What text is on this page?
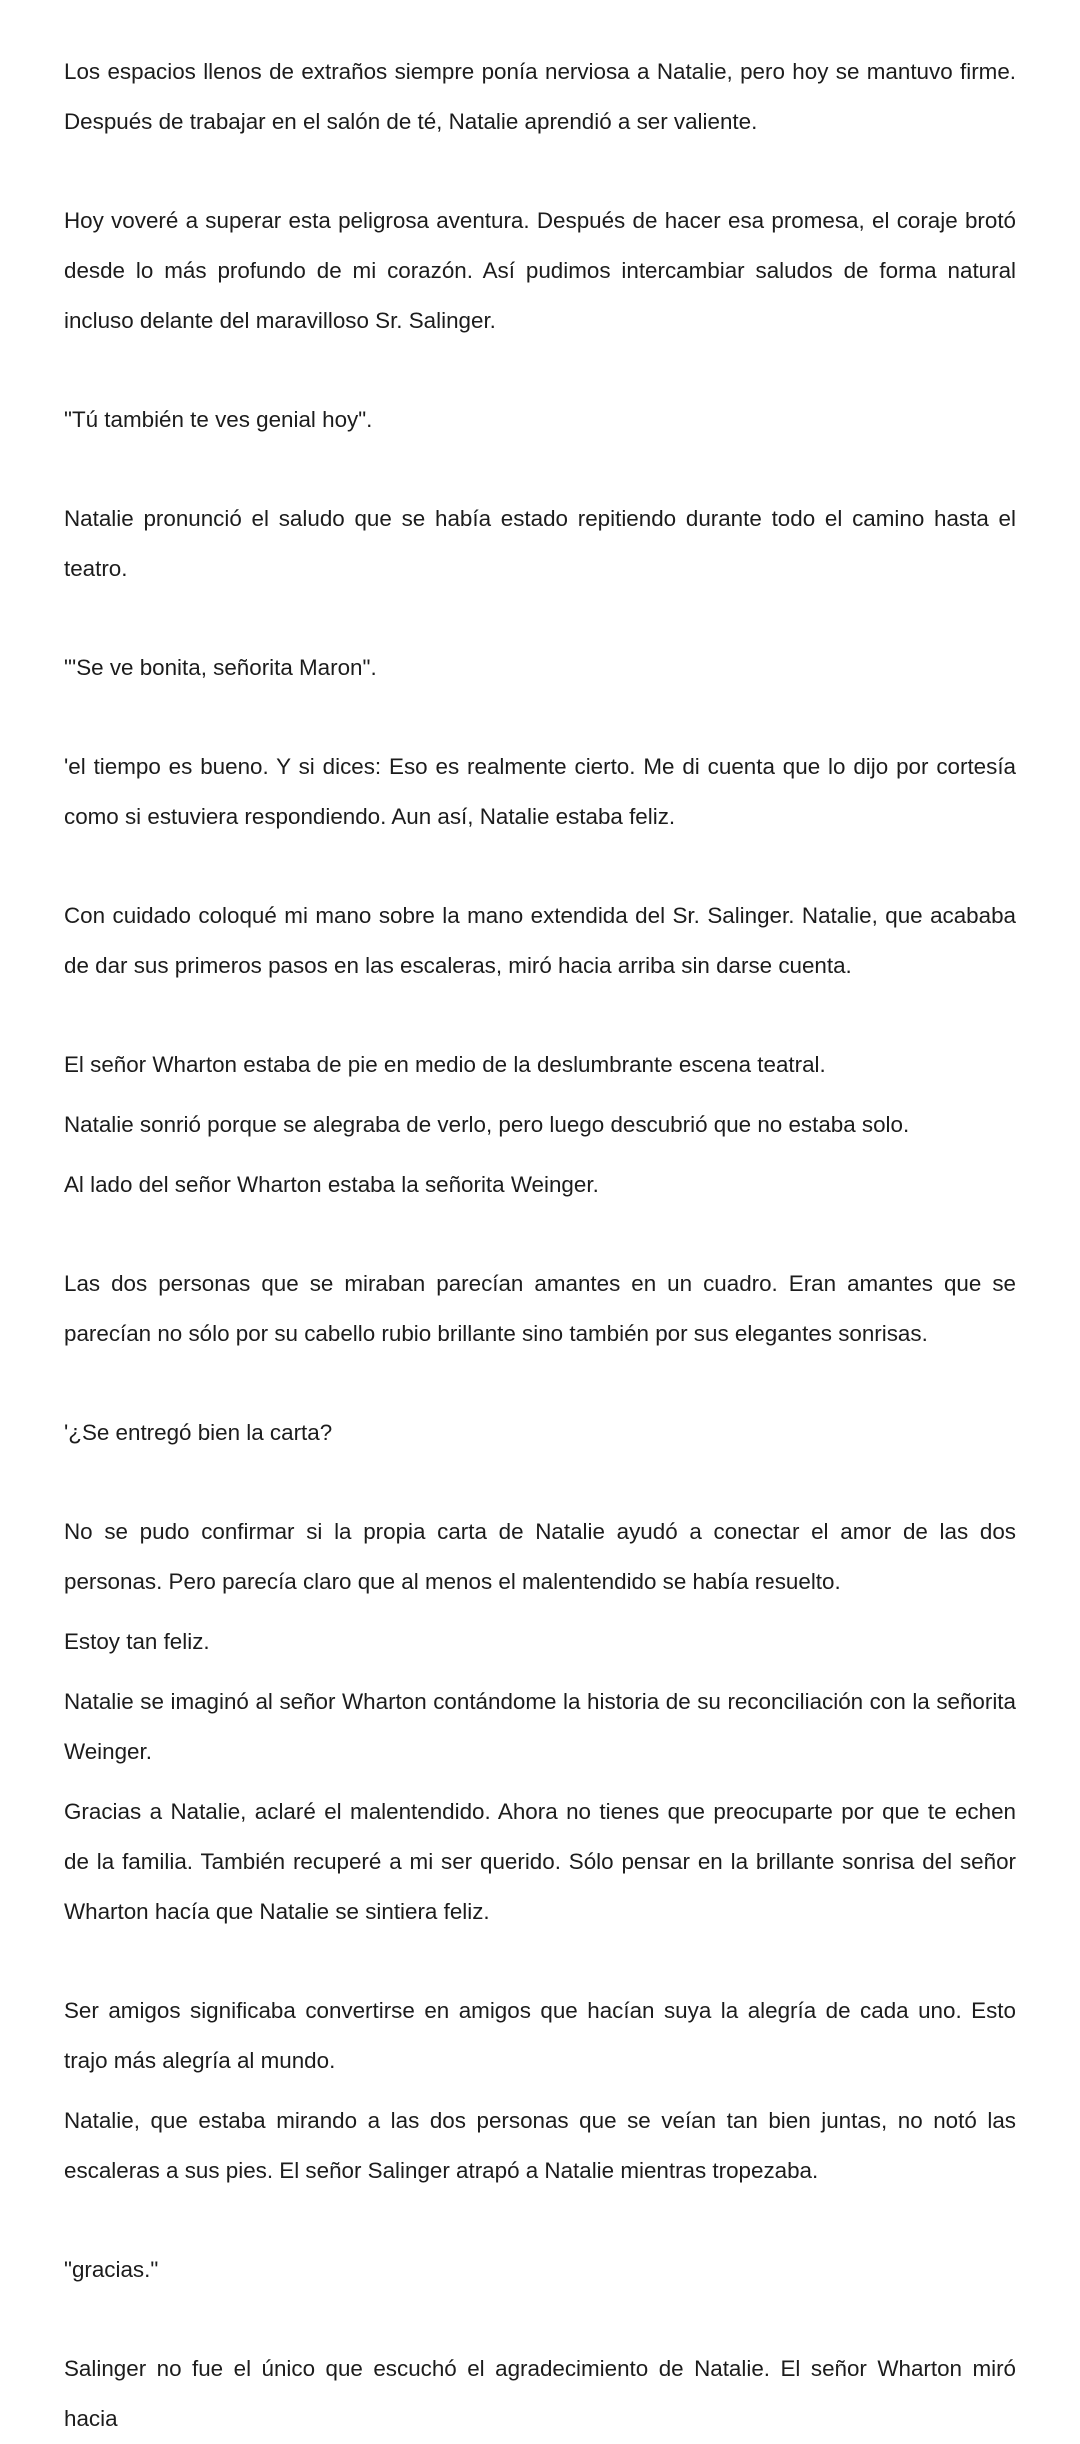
Los espacios llenos de extraños siempre ponía nerviosa a Natalie, pero hoy se mantuvo firme. Después de trabajar en el salón de té, Natalie aprendió a ser valiente.

Hoy voveré a superar esta peligrosa aventura. Después de hacer esa promesa, el coraje brotó desde lo más profundo de mi corazón. Así pudimos intercambiar saludos de forma natural incluso delante del maravilloso Sr. Salinger.

"Tú también te ves genial hoy".

Natalie pronunció el saludo que se había estado repitiendo durante todo el camino hasta el teatro.

"'Se ve bonita, señorita Maron".

'el tiempo es bueno. Y si dices: Eso es realmente cierto. Me di cuenta que lo dijo por cortesía como si estuviera respondiendo. Aun así, Natalie estaba feliz.

Con cuidado coloqué mi mano sobre la mano extendida del Sr. Salinger. Natalie, que acababa de dar sus primeros pasos en las escaleras, miró hacia arriba sin darse cuenta.

El señor Wharton estaba de pie en medio de la deslumbrante escena teatral.

Natalie sonrió porque se alegraba de verlo, pero luego descubrió que no estaba solo.

Al lado del señor Wharton estaba la señorita Weinger.

Las dos personas que se miraban parecían amantes en un cuadro. Eran amantes que se parecían no sólo por su cabello rubio brillante sino también por sus elegantes sonrisas.

'¿Se entregó bien la carta?

No se pudo confirmar si la propia carta de Natalie ayudó a conectar el amor de las dos personas. Pero parecía claro que al menos el malentendido se había resuelto.

Estoy tan feliz.

Natalie se imaginó al señor Wharton contándome la historia de su reconciliación con la señorita Weinger.

Gracias a Natalie, aclaré el malentendido. Ahora no tienes que preocuparte por que te echen de la familia. También recuperé a mi ser querido. Sólo pensar en la brillante sonrisa del señor Wharton hacía que Natalie se sintiera feliz.

Ser amigos significaba convertirse en amigos que hacían suya la alegría de cada uno. Esto trajo más alegría al mundo.

Natalie, que estaba mirando a las dos personas que se veían tan bien juntas, no notó las escaleras a sus pies. El señor Salinger atrapó a Natalie mientras tropezaba.

"gracias."

Salinger no fue el único que escuchó el agradecimiento de Natalie. El señor Wharton miró hacia
